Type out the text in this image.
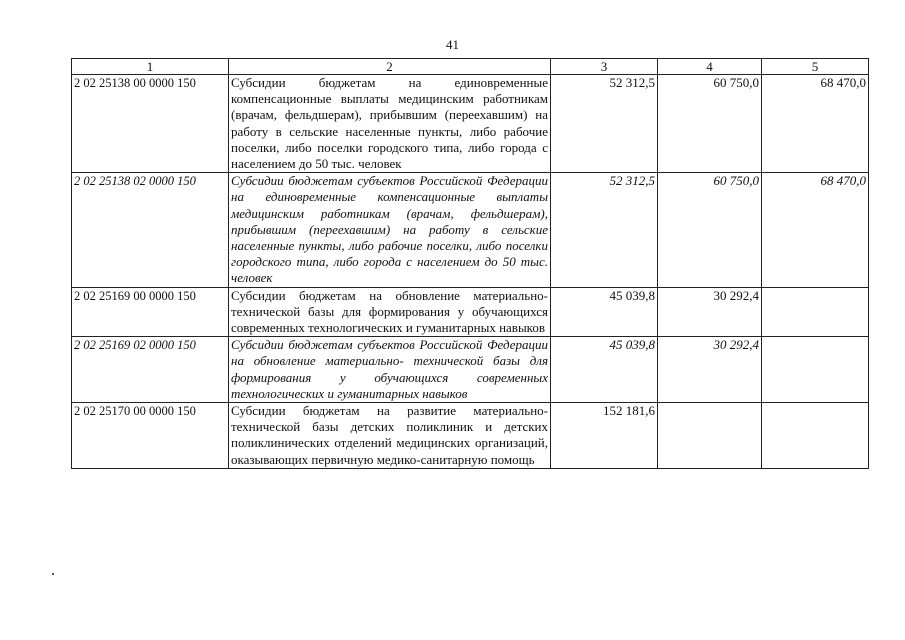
41
1	2	3	4	5
2 02 25138 00 0000 150	Субсидии бюджетам на единовременные компенсационные выплаты медицинским работникам (врачам, фельдшерам), прибывшим (переехавшим) на работу в сельские населенные пункты, либо рабочие поселки, либо поселки городского типа, либо города с населением до 50 тыс. человек	52 312,5	60 750,0	68 470,0
2 02 25138 02 0000 150	Субсидии бюджетам субъектов Российской Федерации на единовременные компенсационные выплаты медицинским работникам (врачам, фельдшерам), прибывшим (переехавшим) на работу в сельские населенные пункты, либо рабочие поселки, либо поселки городского типа, либо города с населением до 50 тыс. человек	52 312,5	60 750,0	68 470,0
2 02 25169 00 0000 150	Субсидии бюджетам на обновление материально-технической базы для формирования у обучающихся современных технологических и гуманитарных навыков	45 039,8	30 292,4	
2 02 25169 02 0000 150	Субсидии бюджетам субъектов Российской Федерации на обновление материально- технической базы для формирования у обучающихся современных технологических и гуманитарных навыков	45 039,8	30 292,4	
2 02 25170 00 0000 150	Субсидии бюджетам на развитие материально-технической базы детских поликлиник и детских поликлинических отделений медицинских организаций, оказывающих первичную медико-санитарную помощь	152 181,6		
